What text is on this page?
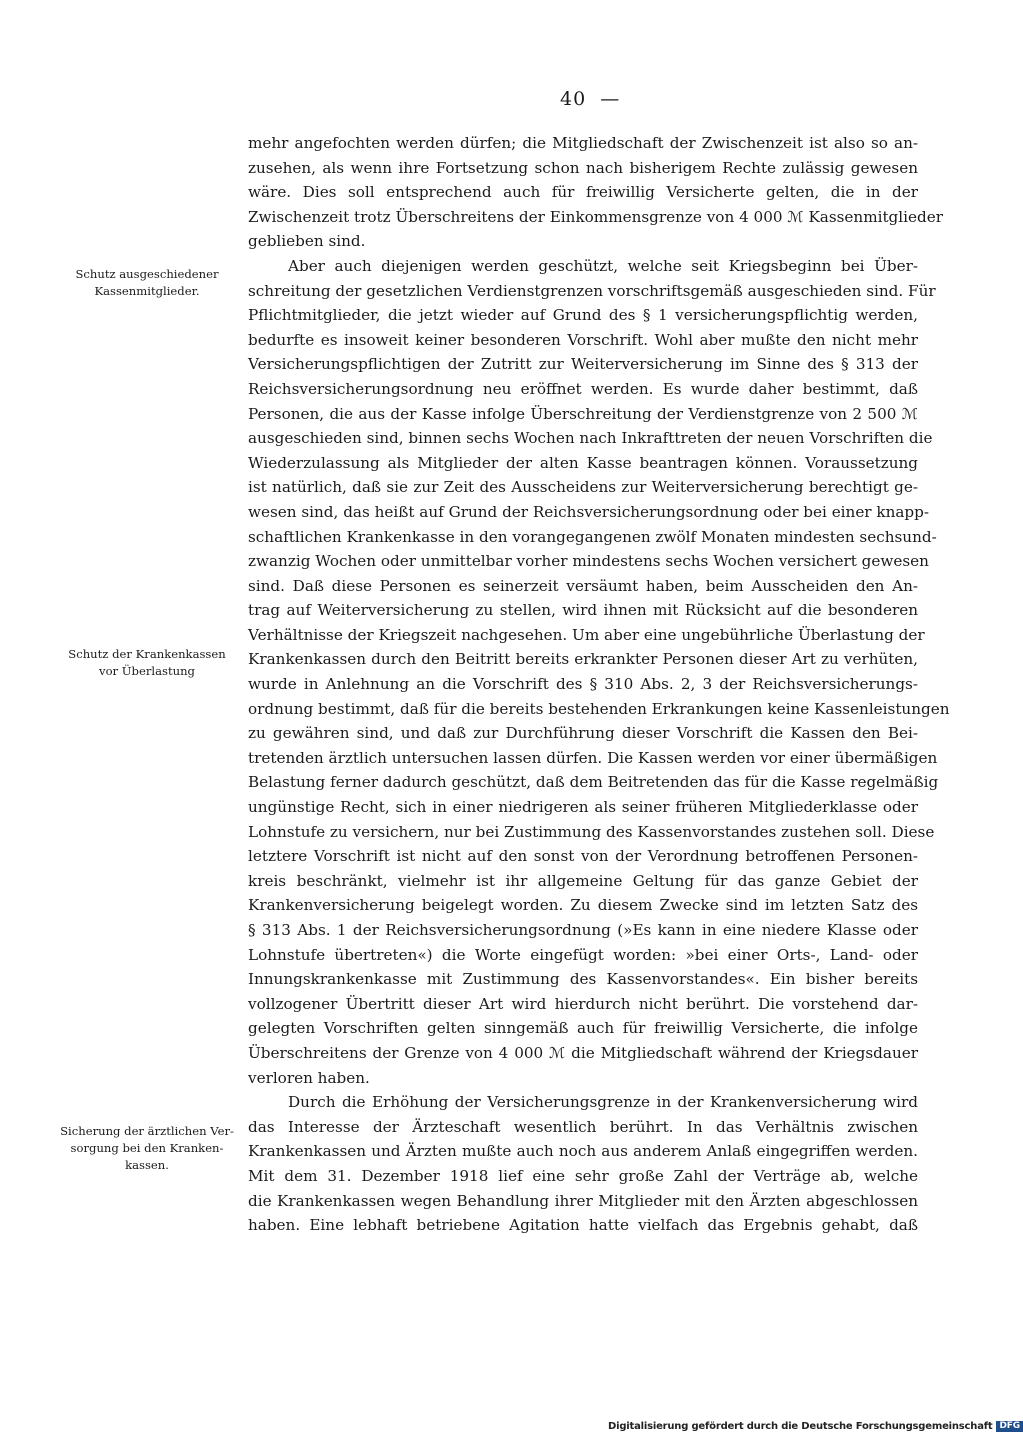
40 —
Schutz ausgeschiedener
Kassenmitglieder.
Schutz der Krankenkassen
vor Überlastung
Sicherung der ärztlichen Ver-
sorgung bei den Kranken-
kassen.
mehr angefochten werden dürfen; die Mitgliedschaft der Zwischenzeit ist also so an-
zusehen, als wenn ihre Fortsetzung schon nach bisherigem Rechte zulässig gewesen
wäre. Dies soll entsprechend auch für freiwillig Versicherte gelten, die in der
Zwischenzeit trotz Überschreitens der Einkommensgrenze von 4 000 ℳ Kassenmitglieder
geblieben sind.
Aber auch diejenigen werden geschützt, welche seit Kriegsbeginn bei Über-
schreitung der gesetzlichen Verdienstgrenzen vorschriftsgemäß ausgeschieden sind. Für
Pflichtmitglieder, die jetzt wieder auf Grund des § 1 versicherungspflichtig werden,
bedurfte es insoweit keiner besonderen Vorschrift. Wohl aber mußte den nicht mehr
Versicherungspflichtigen der Zutritt zur Weiterversicherung im Sinne des § 313 der
Reichsversicherungsordnung neu eröffnet werden. Es wurde daher bestimmt, daß
Personen, die aus der Kasse infolge Überschreitung der Verdienstgrenze von 2 500 ℳ
ausgeschieden sind, binnen sechs Wochen nach Inkrafttreten der neuen Vorschriften die
Wiederzulassung als Mitglieder der alten Kasse beantragen können. Voraussetzung
ist natürlich, daß sie zur Zeit des Ausscheidens zur Weiterversicherung berechtigt ge-
wesen sind, das heißt auf Grund der Reichsversicherungsordnung oder bei einer knapp-
schaftlichen Krankenkasse in den vorangegangenen zwölf Monaten mindesten sechsund-
zwanzig Wochen oder unmittelbar vorher mindestens sechs Wochen versichert gewesen
sind. Daß diese Personen es seinerzeit versäumt haben, beim Ausscheiden den An-
trag auf Weiterversicherung zu stellen, wird ihnen mit Rücksicht auf die besonderen
Verhältnisse der Kriegszeit nachgesehen. Um aber eine ungebührliche Überlastung der
Krankenkassen durch den Beitritt bereits erkrankter Personen dieser Art zu verhüten,
wurde in Anlehnung an die Vorschrift des § 310 Abs. 2, 3 der Reichsversicherungs-
ordnung bestimmt, daß für die bereits bestehenden Erkrankungen keine Kassenleistungen
zu gewähren sind, und daß zur Durchführung dieser Vorschrift die Kassen den Bei-
tretenden ärztlich untersuchen lassen dürfen. Die Kassen werden vor einer übermäßigen
Belastung ferner dadurch geschützt, daß dem Beitretenden das für die Kasse regelmäßig
ungünstige Recht, sich in einer niedrigeren als seiner früheren Mitgliederklasse oder
Lohnstufe zu versichern, nur bei Zustimmung des Kassenvorstandes zustehen soll. Diese
letztere Vorschrift ist nicht auf den sonst von der Verordnung betroffenen Personen-
kreis beschränkt, vielmehr ist ihr allgemeine Geltung für das ganze Gebiet der
Krankenversicherung beigelegt worden. Zu diesem Zwecke sind im letzten Satz des
§ 313 Abs. 1 der Reichsversicherungsordnung (»Es kann in eine niedere Klasse oder
Lohnstufe übertreten«) die Worte eingefügt worden: »bei einer Orts-, Land- oder
Innungskrankenkasse mit Zustimmung des Kassenvorstandes«. Ein bisher bereits
vollzogener Übertritt dieser Art wird hierdurch nicht berührt. Die vorstehend dar-
gelegten Vorschriften gelten sinngemäß auch für freiwillig Versicherte, die infolge
Überschreitens der Grenze von 4 000 ℳ die Mitgliedschaft während der Kriegsdauer
verloren haben.
Durch die Erhöhung der Versicherungsgrenze in der Krankenversicherung wird
das Interesse der Ärzteschaft wesentlich berührt. In das Verhältnis zwischen
Krankenkassen und Ärzten mußte auch noch aus anderem Anlaß eingegriffen werden.
Mit dem 31. Dezember 1918 lief eine sehr große Zahl der Verträge ab, welche
die Krankenkassen wegen Behandlung ihrer Mitglieder mit den Ärzten abgeschlossen
haben. Eine lebhaft betriebene Agitation hatte vielfach das Ergebnis gehabt, daß
Digitalisierung gefördert durch die Deutsche Forschungsgemeinschaft DFG
